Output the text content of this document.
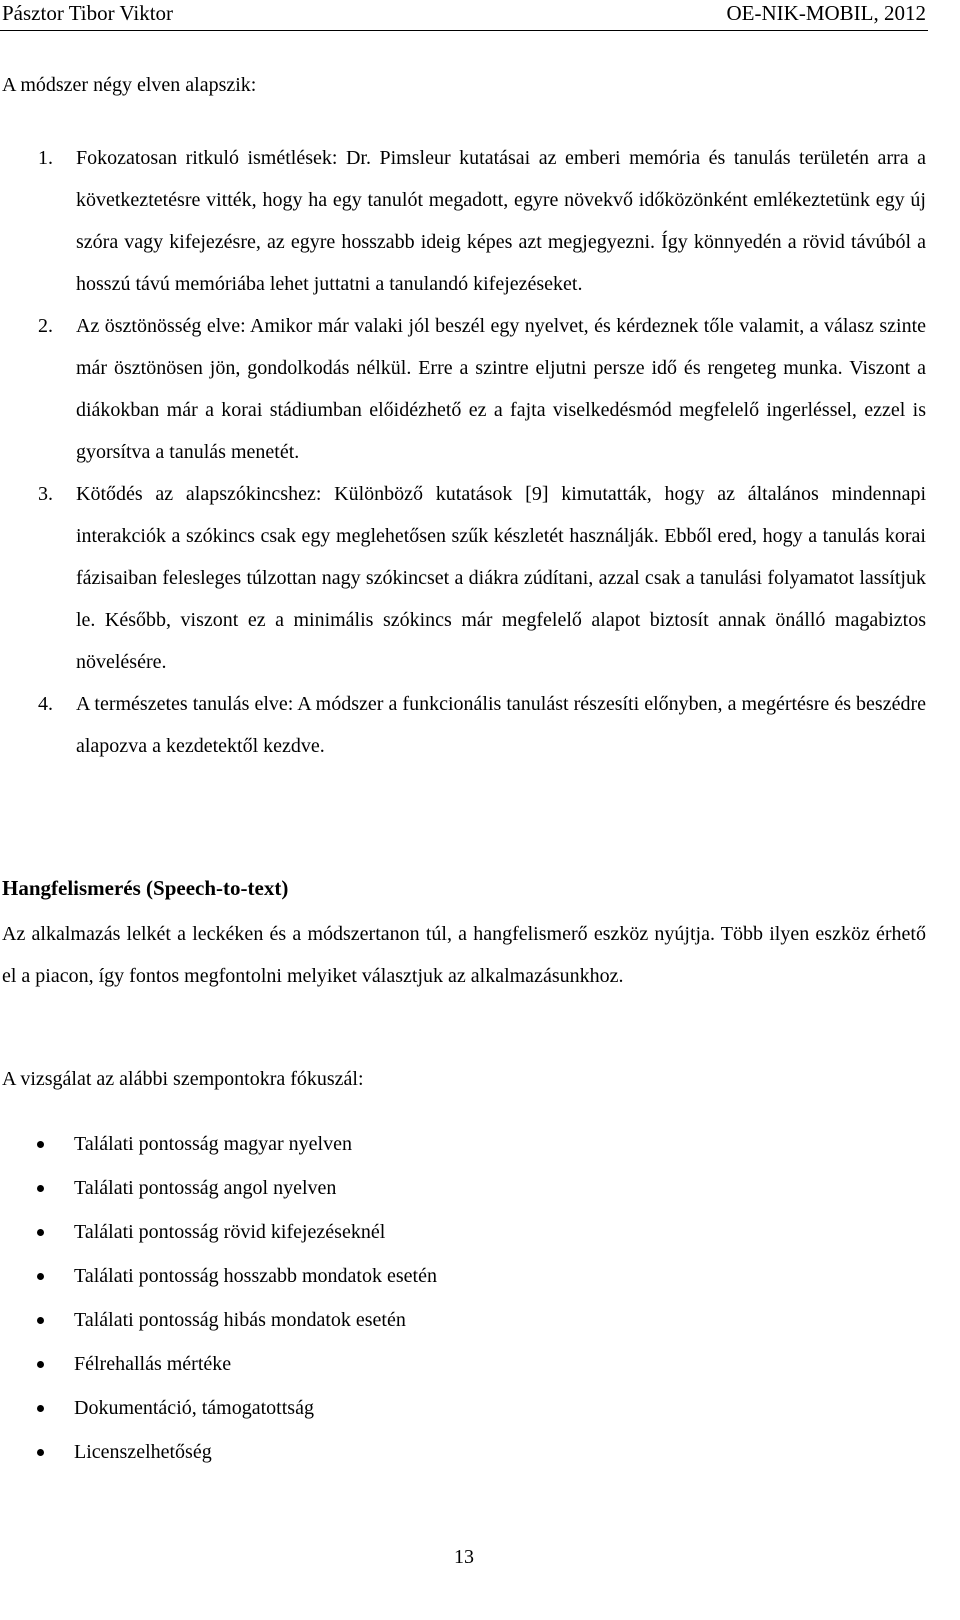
Pásztor Tibor Viktor	OE-NIK-MOBIL, 2012
A módszer négy elven alapszik:
1. Fokozatosan ritkuló ismétlések: Dr. Pimsleur kutatásai az emberi memória és tanulás területén arra a következtetésre vitték, hogy ha egy tanulót megadott, egyre növekvő időközönként emlékeztetünk egy új szóra vagy kifejezésre, az egyre hosszabb ideig képes azt megjegyezni. Így könnyedén a rövid távúból a hosszú távú memóriába lehet juttatni a tanulandó kifejezéseket.
2. Az ösztönösség elve: Amikor már valaki jól beszél egy nyelvet, és kérdeznek tőle valamit, a válasz szinte már ösztönösen jön, gondolkodás nélkül. Erre a szintre eljutni persze idő és rengeteg munka. Viszont a diákokban már a korai stádiumban előidézhető ez a fajta viselkedésmód megfelelő ingerléssel, ezzel is gyorsítva a tanulás menetét.
3. Kötődés az alapszókincshez: Különböző kutatások [9] kimutatták, hogy az általános mindennapi interakciók a szókincs csak egy meglehetősen szűk készletét használják. Ebből ered, hogy a tanulás korai fázisaiban felesleges túlzottan nagy szókincset a diákra zúdítani, azzal csak a tanulási folyamatot lassítjuk le. Később, viszont ez a minimális szókincs már megfelelő alapot biztosít annak önálló magabiztos növelésére.
4. A természetes tanulás elve: A módszer a funkcionális tanulást részesíti előnyben, a megértésre és beszédre alapozva a kezdetektől kezdve.
Hangfelismerés (Speech-to-text)

Az alkalmazás lelkét a leckéken és a módszertanon túl, a hangfelismerő eszköz nyújtja. Több ilyen eszköz érhető el a piacon, így fontos megfontolni melyiket választjuk az alkalmazásunkhoz.

A vizsgálat az alábbi szempontokra fókuszál:

Találati pontosság magyar nyelven
Találati pontosság angol nyelven
Találati pontosság rövid kifejezéseknél
Találati pontosság hosszabb mondatok esetén
Találati pontosság hibás mondatok esetén
Félrehallás mértéke
Dokumentáció, támogatottság
Licenszelhetőség
13
